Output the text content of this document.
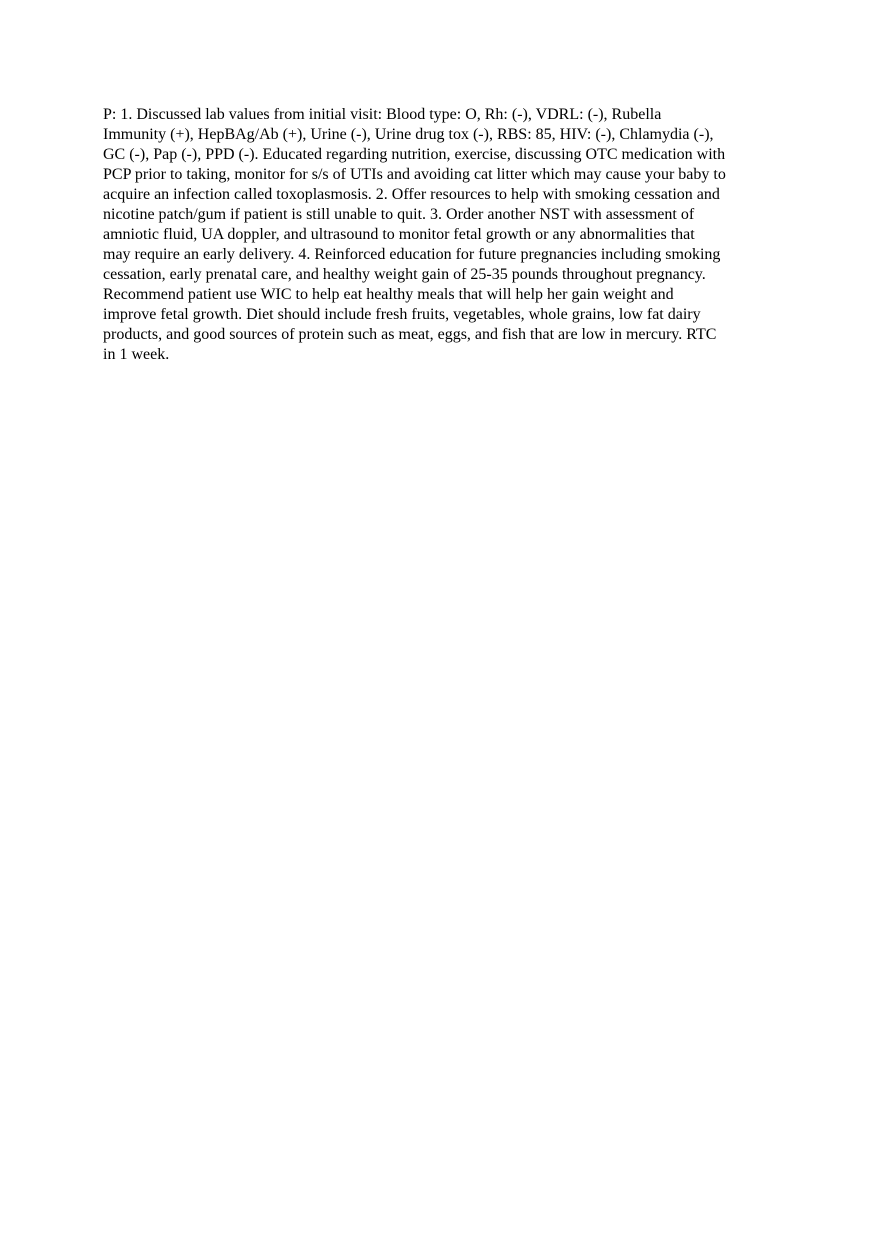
P: 1. Discussed lab values from initial visit: Blood type: O, Rh: (-), VDRL: (-), Rubella

Immunity (+), HepBAg/Ab (+), Urine (-), Urine drug tox (-), RBS: 85, HIV: (-), Chlamydia (-),

GC (-), Pap (-), PPD (-). Educated regarding nutrition, exercise, discussing OTC medication with

PCP prior to taking, monitor for s/s of UTIs and avoiding cat litter which may cause your baby to

acquire an infection called toxoplasmosis. 2. Offer resources to help with smoking cessation and

nicotine patch/gum if patient is still unable to quit. 3. Order another NST with assessment of

amniotic fluid, UA doppler, and ultrasound to monitor fetal growth or any abnormalities that

may require an early delivery. 4. Reinforced education for future pregnancies including smoking

cessation, early prenatal care, and healthy weight gain of 25-35 pounds throughout pregnancy.

Recommend patient use WIC to help eat healthy meals that will help her gain weight and

improve fetal growth. Diet should include fresh fruits, vegetables, whole grains, low fat dairy

products, and good sources of protein such as meat, eggs, and fish that are low in mercury. RTC

in 1 week.
